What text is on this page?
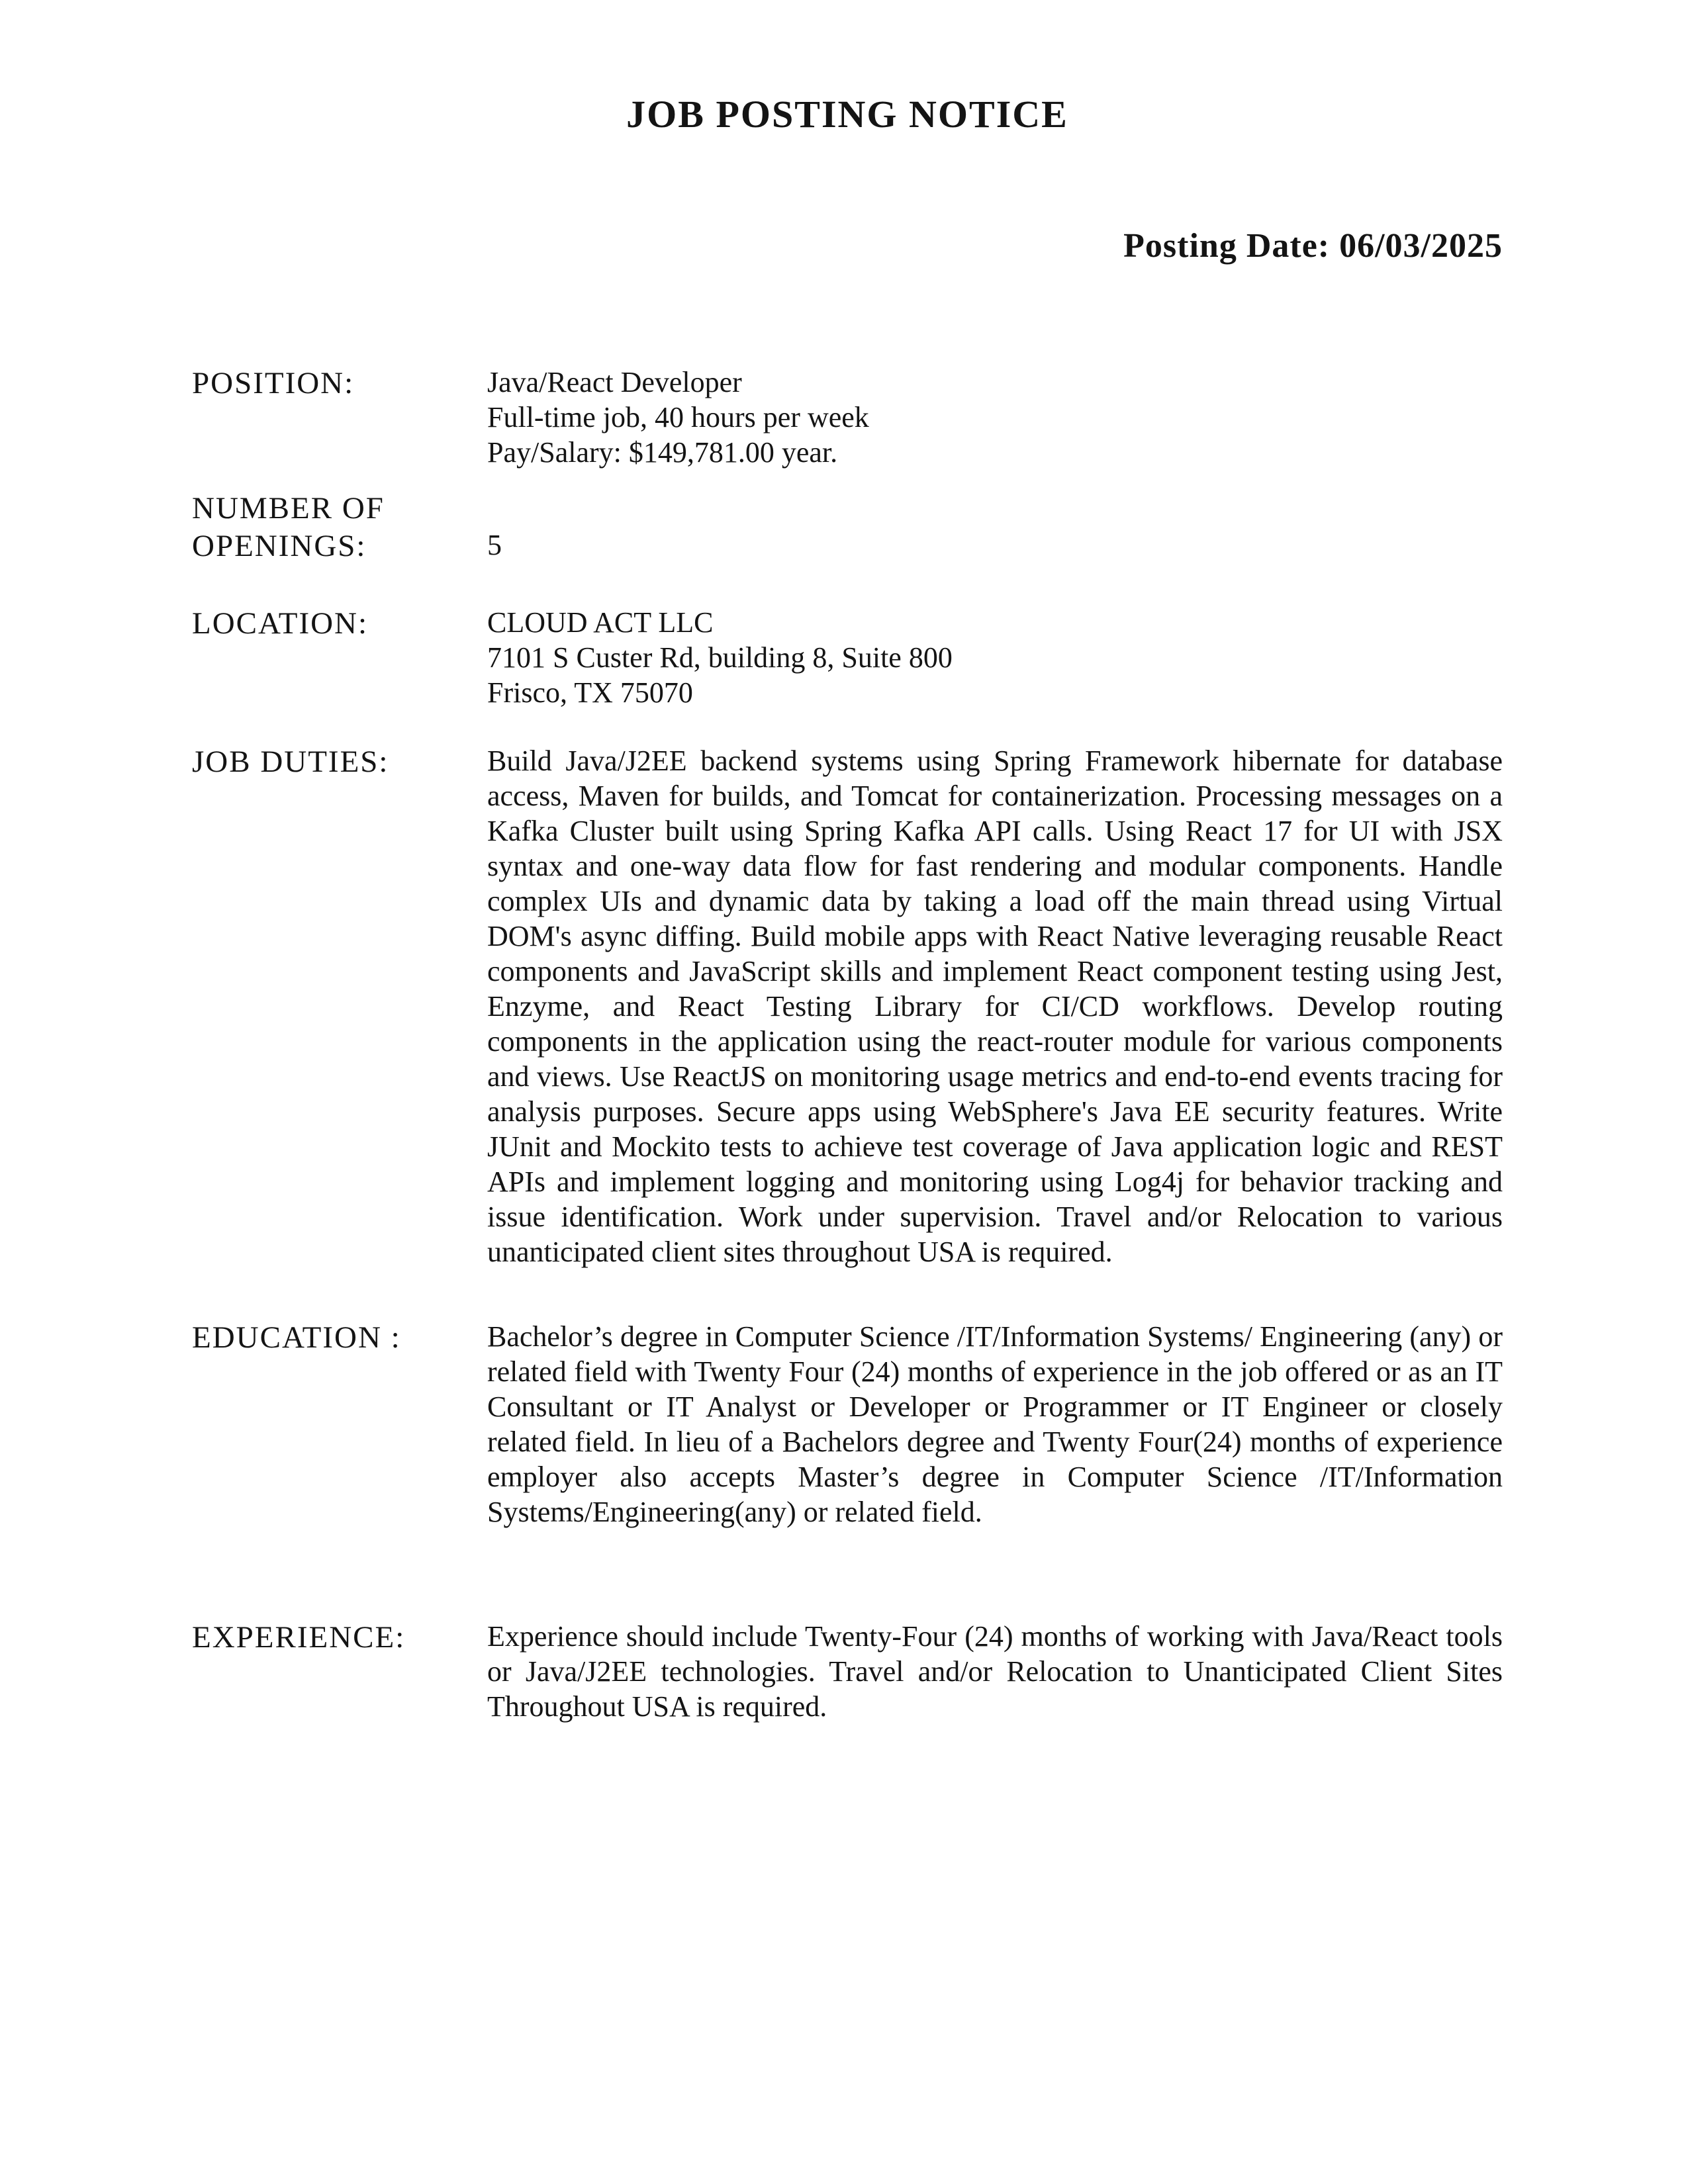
JOB POSTING NOTICE
Posting Date: 06/03/2025
POSITION:	Java/React Developer
Full-time job, 40 hours per week
Pay/Salary: $149,781.00 year.
NUMBER OF OPENINGS:	5
LOCATION:	CLOUD ACT LLC
7101 S Custer Rd, building 8, Suite 800
Frisco, TX 75070
JOB DUTIES:	Build Java/J2EE backend systems using Spring Framework hibernate for database access, Maven for builds, and Tomcat for containerization. Processing messages on a Kafka Cluster built using Spring Kafka API calls. Using React 17 for UI with JSX syntax and one-way data flow for fast rendering and modular components. Handle complex UIs and dynamic data by taking a load off the main thread using Virtual DOM's async diffing. Build mobile apps with React Native leveraging reusable React components and JavaScript skills and implement React component testing using Jest, Enzyme, and React Testing Library for CI/CD workflows. Develop routing components in the application using the react-router module for various components and views. Use ReactJS on monitoring usage metrics and end-to-end events tracing for analysis purposes. Secure apps using WebSphere's Java EE security features. Write JUnit and Mockito tests to achieve test coverage of Java application logic and REST APIs and implement logging and monitoring using Log4j for behavior tracking and issue identification. Work under supervision. Travel and/or Relocation to various unanticipated client sites throughout USA is required.

EDUCATION :	Bachelor’s degree in Computer Science /IT/Information Systems/ Engineering (any) or related field with Twenty Four (24) months of experience in the job offered or as an IT Consultant or IT Analyst or Developer or Programmer or IT Engineer or closely related field. In lieu of a Bachelors degree and Twenty Four(24) months of experience employer also accepts Master’s degree in Computer Science /IT/Information Systems/Engineering(any) or related field.

EXPERIENCE:	Experience should include Twenty-Four (24) months of working with Java/React tools or Java/J2EE technologies. Travel and/or Relocation to Unanticipated Client Sites Throughout USA is required.
